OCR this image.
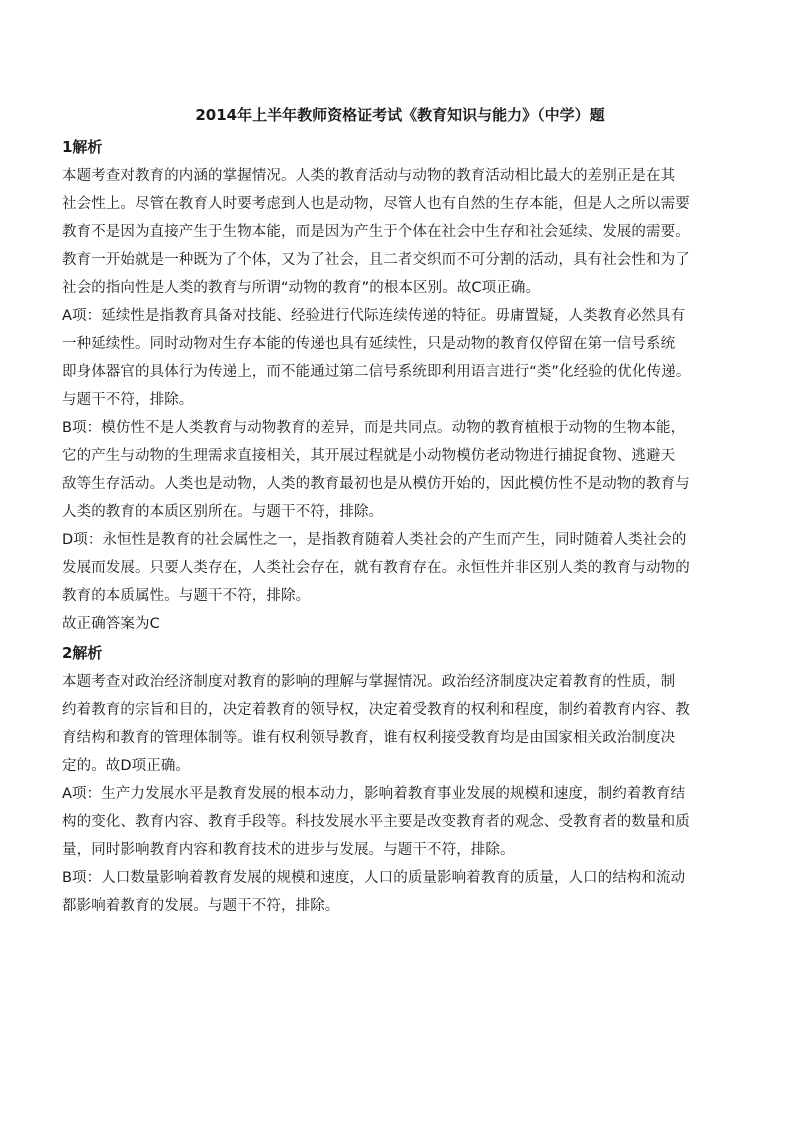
2014年上半年教师资格证考试《教育知识与能力》（中学）题
1解析
本题考查对教育的内涵的掌握情况。人类的教育活动与动物的教育活动相比最大的差别正是在其
社会性上。尽管在教育人时要考虑到人也是动物，尽管人也有自然的生存本能，但是人之所以需要
教育不是因为直接产生于生物本能，而是因为产生于个体在社会中生存和社会延续、发展的需要。
教育一开始就是一种既为了个体，又为了社会，且二者交织而不可分割的活动，具有社会性和为了
社会的指向性是人类的教育与所谓“动物的教育”的根本区别。故C项正确。
A项：延续性是指教育具备对技能、经验进行代际连续传递的特征。毋庸置疑，人类教育必然具有
一种延续性。同时动物对生存本能的传递也具有延续性，只是动物的教育仅停留在第一信号系统
即身体器官的具体行为传递上，而不能通过第二信号系统即利用语言进行“类”化经验的优化传递。
与题干不符，排除。
B项：模仿性不是人类教育与动物教育的差异，而是共同点。动物的教育植根于动物的生物本能，
它的产生与动物的生理需求直接相关，其开展过程就是小动物模仿老动物进行捕捉食物、逃避天
敌等生存活动。人类也是动物，人类的教育最初也是从模仿开始的，因此模仿性不是动物的教育与
人类的教育的本质区别所在。与题干不符，排除。
D项：永恒性是教育的社会属性之一，是指教育随着人类社会的产生而产生，同时随着人类社会的
发展而发展。只要人类存在，人类社会存在，就有教育存在。永恒性并非区别人类的教育与动物的
教育的本质属性。与题干不符，排除。
故正确答案为C
2解析
本题考查对政治经济制度对教育的影响的理解与掌握情况。政治经济制度决定着教育的性质，制
约着教育的宗旨和目的，决定着教育的领导权，决定着受教育的权利和程度，制约着教育内容、教
育结构和教育的管理体制等。谁有权利领导教育，谁有权利接受教育均是由国家相关政治制度决
定的。故D项正确。
A项：生产力发展水平是教育发展的根本动力，影响着教育事业发展的规模和速度，制约着教育结
构的变化、教育内容、教育手段等。科技发展水平主要是改变教育者的观念、受教育者的数量和质
量，同时影响教育内容和教育技术的进步与发展。与题干不符，排除。
B项：人口数量影响着教育发展的规模和速度，人口的质量影响着教育的质量，人口的结构和流动
都影响着教育的发展。与题干不符，排除。
